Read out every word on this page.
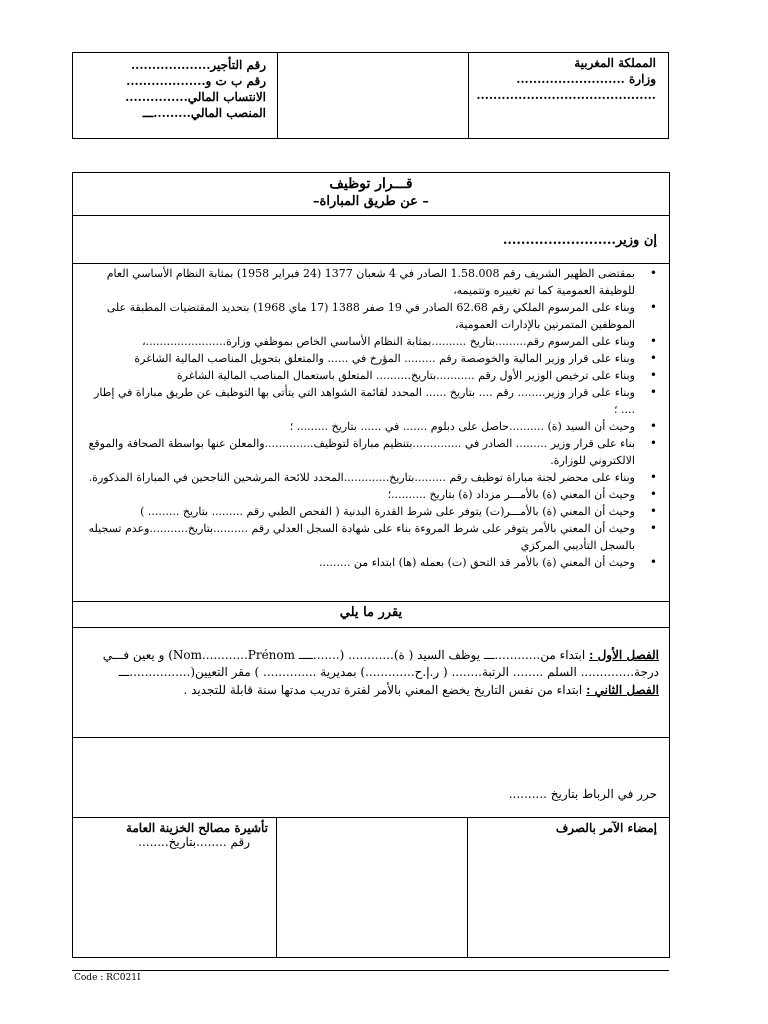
المملكة المغربية
وزارة ..........................
...........................................
رقم التأجير...................
رقم ب ت و...................
الانتساب المالي...............
المنصب المالي.........ـــ
قـــرار توظيف
– عن طريق المباراة–
إن وزير.........................
• بمقتضى الظهير الشريف رقم 1.58.008 الصادر في 4 شعبان 1377 (24 فبراير 1958) بمثابة النظام الأساسي العام للوظيفة العمومية كما تم تغييره وتتميمه،
• وبناء على المرسوم الملكي رقم 62.68 الصادر في 19 صفر 1388 (17 ماي 1968) بتحديد المقتضيات المطبقة على الموظفين المتمرنين بالإدارات العمومية،
• وبناء على المرسوم رقم.........بتاريخ ..........بمثابة النظام الأساسي الخاص بموظفي وزارة.......................،
• وبناء على قرار وزير المالية والخوصصة رقم ......... المؤرخ في ...... والمتعلق بتحويل المناصب المالية الشاغرة
• وبناء على ترخيص الوزير الأول رقم ...........بتاريخ.......... المتعلق باستعمال المناصب المالية الشاغرة
• وبناء على قرار وزير........ رقم .... بتاريخ ...... المحدد لقائمة الشواهد التي يتأتى بها التوظيف عن طريق مباراة في إطار .... ؛
• وحيث أن السيد (ة) ..........حاصل على دبلوم ....... في ...... بتاريخ ......... ؛
• بناء على قرار وزير ......... الصادر في ..............بتنظيم مباراة لتوظيف..............والمعلن عنها بواسطة الصحافة والموقع الالكتروني للوزارة.
• وبناء على محضر لجنة مباراة توظيف رقم .........بتاريخ.............المحدد للائحة المرشحين الناجحين في المباراة المذكورة.
• وحيث أن المعني (ة) بالأمـــر مزداد (ة) بتاريخ ..........؛
• وحيث أن المعني (ة) بالأمـــر(ت) يتوفر على شرط القدرة البدنية ( الفحص الطبي رقم ......... بتاريخ ......... )
• وحيث أن المعني بالأمر يتوفر على شرط المروءة بناء على شهادة السجل العدلي رقم ..........بتاريخ...........وعدم تسجيله بالسجل التأديبي المركزي
• وحيث أن المعني (ة) بالأمر قد التحق (ت) بعمله (ها) ابتداء من .........
يقرر ما يلي
الفصل الأول : ابتداء من............ـــ يوظف السيد ( ة)............ (.......ــــ Nom............Prénom) و يعين فـــي درجة.............. السلم ........ الرتبة........ ( ر.إ.ح.............) بمديرية .............. ) مقر التعيين(................ـــ
الفصل الثاني : ابتداء من نفس التاريخ يخضع المعني بالأمر لفترة تدريب مدتها سنة قابلة للتجديد .
حرر في الرباط بتاريخ ..........
إمضاء الآمر بالصرف
تأشيرة مصالح الخزينة العامة
رقم ........بتاريخ........
Code : RC021I
